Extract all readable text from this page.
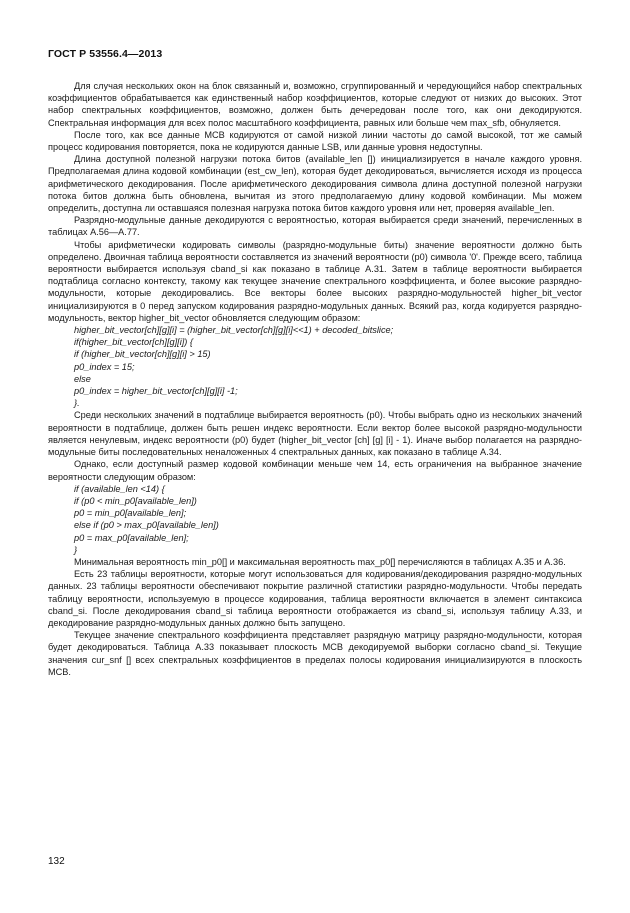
ГОСТ Р 53556.4—2013

Для случая нескольких окон на блок связанный и, возможно, сгруппированный и чередующийся набор спектральных коэффициентов обрабатывается как единственный набор коэффициентов, которые следуют от низких до высоких. Этот набор спектральных коэффициентов, возможно, должен быть дечередован после того, как они декодируются. Спектральная информация для всех полос масштабного коэффициента, равных или больше чем max_sfb, обнуляется.

После того, как все данные MCB кодируются от самой низкой линии частоты до самой высокой, тот же самый процесс кодирования повторяется, пока не кодируются данные LSB, или данные уровня недоступны.

Длина доступной полезной нагрузки потока битов (available_len []) инициализируется в начале каждого уровня. Предполагаемая длина кодовой комбинации (est_cw_len), которая будет декодироваться, вычисляется исходя из процесса арифметического декодирования. После арифметического декодирования символа длина доступной полезной нагрузки потока битов должна быть обновлена, вычитая из этого предполагаемую длину кодовой комбинации. Мы можем определить, доступна ли оставшаяся полезная нагрузка потока битов каждого уровня или нет, проверяя available_len.

Разрядно-модульные данные декодируются с вероятностью, которая выбирается среди значений, перечисленных в таблицах А.56—А.77.

Чтобы арифметически кодировать символы (разрядно-модульные биты) значение вероятности должно быть определено. Двоичная таблица вероятности составляется из значений вероятности (p0) символа '0'. Прежде всего, таблица вероятности выбирается используя cband_si как показано в таблице А.31. Затем в таблице вероятности выбирается подтаблица согласно контексту, такому как текущее значение спектрального коэффициента, и более высокие разрядно-модульности, которые декодировались. Все векторы более высоких разрядно-модульностей higher_bit_vector инициализируются в 0 перед запуском кодирования разрядно-модульных данных. Всякий раз, когда кодируется разрядно-модульность, вектор higher_bit_vector обновляется следующим образом:

higher_bit_vector[ch][g][i] = (higher_bit_vector[ch][g][i]<<1) + decoded_bitslice;

if(higher_bit_vector[ch][g][i]) {

if (higher_bit_vector[ch][g][i] > 15)

p0_index = 15;

else

p0_index = higher_bit_vector[ch][g][i] -1;

}.

Среди нескольких значений в подтаблице выбирается вероятность (p0). Чтобы выбрать одно из нескольких значений вероятности в подтаблице, должен быть решен индекс вероятности. Если вектор более высокой разрядно-модульности является ненулевым, индекс вероятности (p0) будет (higher_bit_vector [ch] [g] [i] - 1). Иначе выбор полагается на разрядно-модульные биты последовательных неналоженных 4 спектральных данных, как показано в таблице А.34.

Однако, если доступный размер кодовой комбинации меньше чем 14, есть ограничения на выбранное значение вероятности следующим образом:

if (available_len <14) {

if (p0 < min_p0[available_len])

p0 = min_p0[available_len];

else if (p0 > max_p0[available_len])

p0 = max_p0[available_len];

}

Минимальная вероятность min_p0[] и максимальная вероятность max_p0[] перечисляются в таблицах А.35 и А.36.

Есть 23 таблицы вероятности, которые могут использоваться для кодирования/декодирования разрядно-модульных данных. 23 таблицы вероятности обеспечивают покрытие различной статистики разрядно-модульности. Чтобы передать таблицу вероятности, используемую в процессе кодирования, таблица вероятности включается в элемент синтаксиса cband_si. После декодирования cband_si таблица вероятности отображается из cband_si, используя таблицу А.33, и декодирование разрядно-модульных данных должно быть запущено.

Текущее значение спектрального коэффициента представляет разрядную матрицу разрядно-модульности, которая будет декодироваться. Таблица А.33 показывает плоскость MCB декодируемой выборки согласно cband_si. Текущие значения cur_snf [] всех спектральных коэффициентов в пределах полосы кодирования инициализируются в плоскость MCB.

132
